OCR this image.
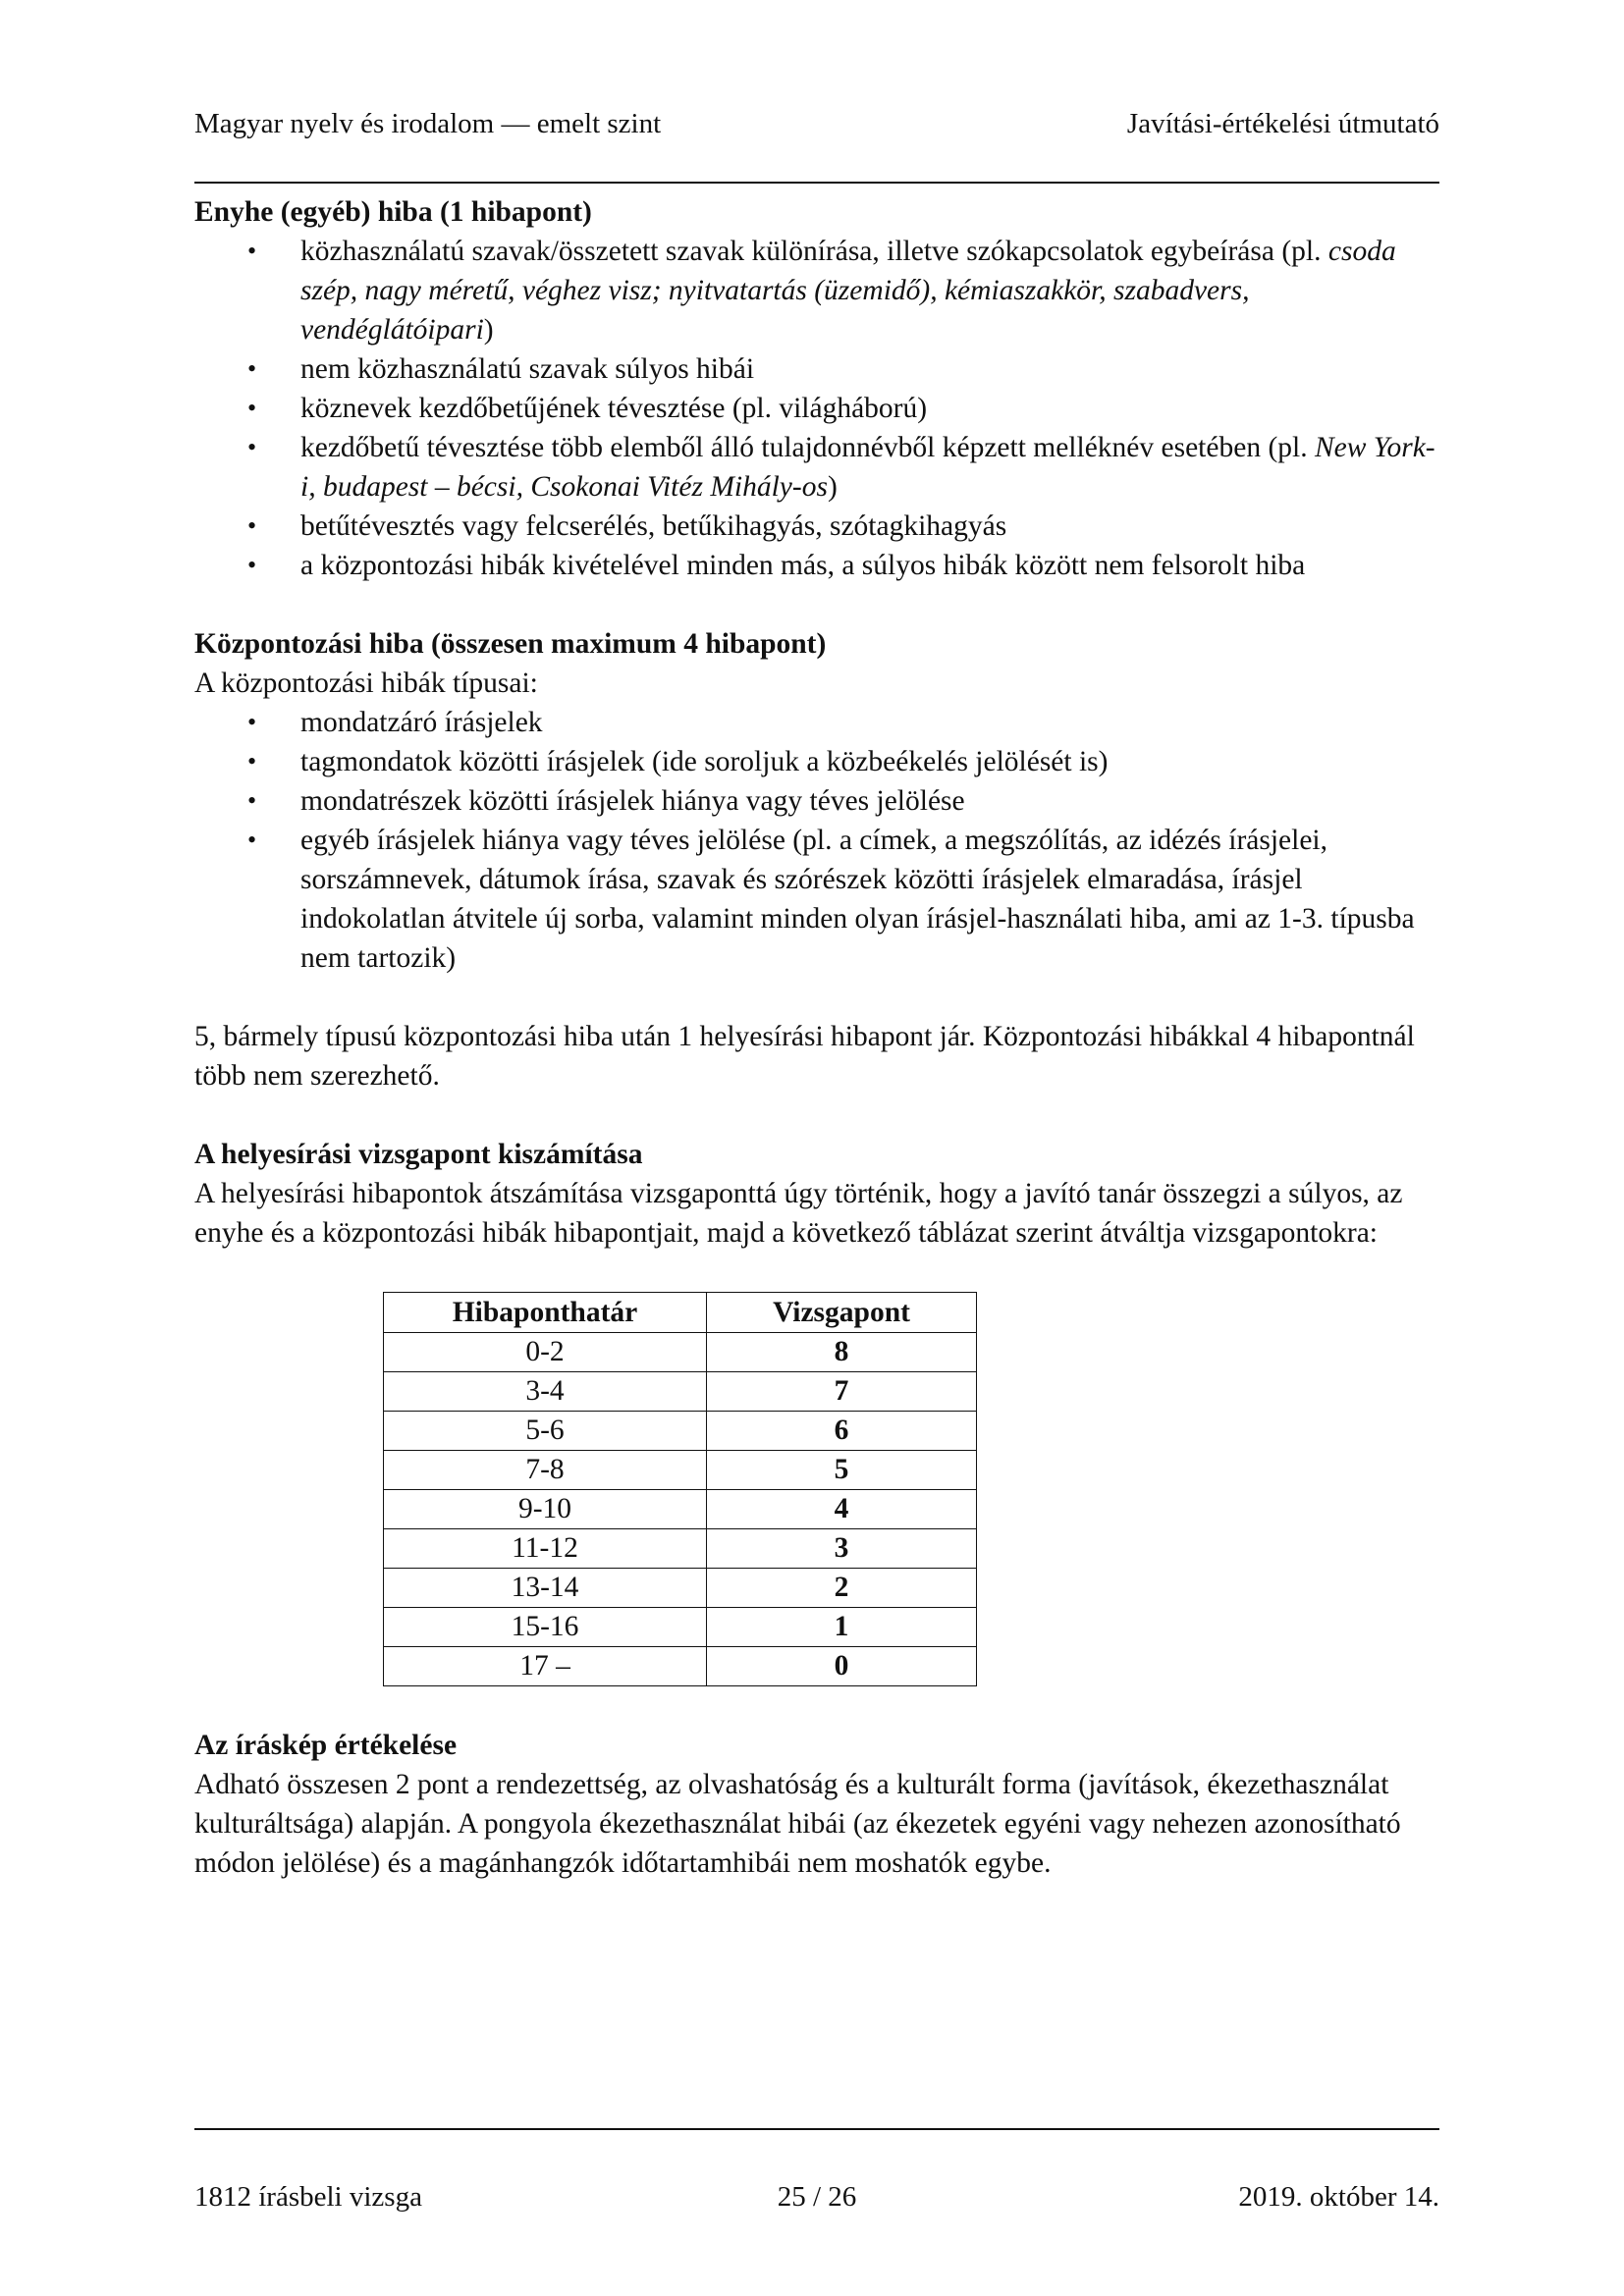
Magyar nyelv és irodalom — emelt szint	Javítási-értékelési útmutató

Enyhe (egyéb) hiba (1 hibapont)

• közhasználatú szavak/összetett szavak különírása, illetve szókapcsolatok egybeírása (pl. csoda szép, nagy méretű, véghez visz; nyitvatartás (üzemidő), kémiaszakkör, szabadvers, vendéglátóipari)
• nem közhasználatú szavak súlyos hibái
• köznevek kezdőbetűjének tévesztése (pl. világháború)
• kezdőbetű tévesztése több elemből álló tulajdonnévből képzett melléknév esetében (pl. New York-i, budapest – bécsi, Csokonai Vitéz Mihály-os)
• betűtévesztés vagy felcserélés, betűkihagyás, szótagkihagyás
• a központozási hibák kivételével minden más, a súlyos hibák között nem felsorolt hiba

Központozási hiba (összesen maximum 4 hibapont)

A központozási hibák típusai:

• mondatzáró írásjelek
• tagmondatok közötti írásjelek (ide soroljuk a közbeékelés jelölését is)
• mondatrészek közötti írásjelek hiánya vagy téves jelölése
• egyéb írásjelek hiánya vagy téves jelölése (pl. a címek, a megszólítás, az idézés írásjelei, sorszámnevek, dátumok írása, szavak és szórészek közötti írásjelek elmaradása, írásjel indokolatlan átvitele új sorba, valamint minden olyan írásjel-használati hiba, ami az 1-3. típusba nem tartozik)

5, bármely típusú központozási hiba után 1 helyesírási hibapont jár. Központozási hibákkal 4 hibapontnál több nem szerezhető.

A helyesírási vizsgapont kiszámítása

A helyesírási hibapontok átszámítása vizsgaponttá úgy történik, hogy a javító tanár összegzi a súlyos, az enyhe és a központozási hibák hibapontjait, majd a következő táblázat szerint átváltja vizsgapontokra:

Hibaponthatár	Vizsgapont
0-2	8
3-4	7
5-6	6
7-8	5
9-10	4
11-12	3
13-14	2
15-16	1
17 –	0

Az íráskép értékelése

Adható összesen 2 pont a rendezettség, az olvashatóság és a kulturált forma (javítások, ékezethasználat kulturáltsága) alapján. A pongyola ékezethasználat hibái (az ékezetek egyéni vagy nehezen azonosítható módon jelölése) és a magánhangzók időtartamhibái nem moshatók egybe.

1812 írásbeli vizsga	25 / 26	2019. október 14.
